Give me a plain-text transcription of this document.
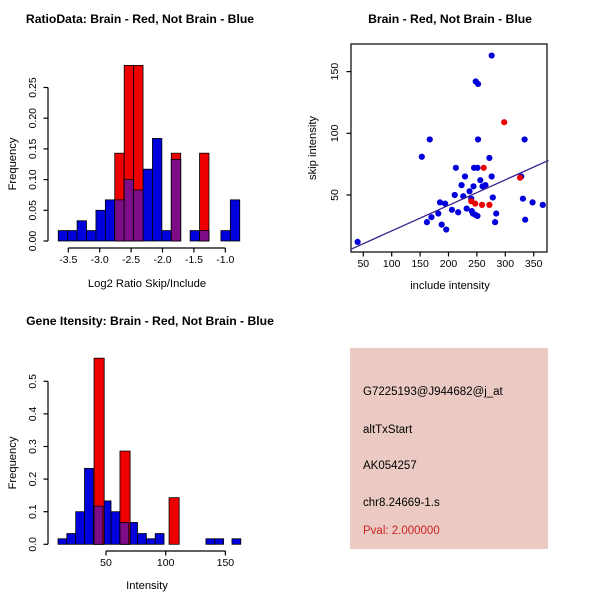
-3.5 -3.0 -2.5 -2.0 -1.5 -1.0
0.00
0.05
0.10
0.15
0.20
0.25
RatioData: Brain - Red, Not Brain - Blue
Log2 Ratio Skip/Include
Frequency
50 100 150 200 250 300 350
50
100
150
Brain - Red, Not Brain - Blue
include intensity
skip intensity
50	100	150
0.0
0.1
0.2
0.3
0.4
0.5
Gene Itensity: Brain - Red, Not Brain - Blue
Intensity
Frequency
G7225193@J944682@j_at
altTxStart
AK054257
chr8.24669-1.s
Pval: 2.000000
